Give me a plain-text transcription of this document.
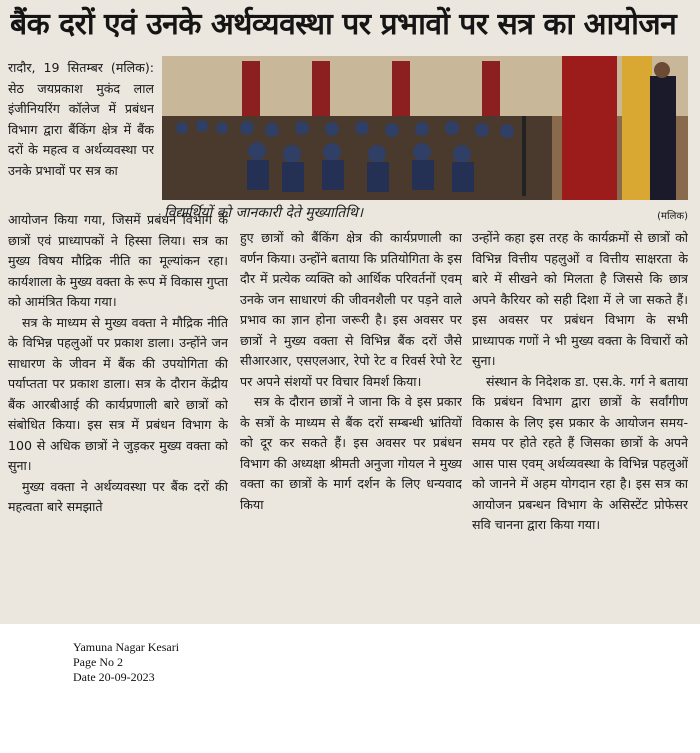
बैंक दरों एवं उनके अर्थव्यवस्था पर प्रभावों पर सत्र का आयोजन

रादौर, 19 सितम्बर (मलिक): सेठ जयप्रकाश मुकंद लाल इंजीनियरिंग कॉलेज में प्रबंधन विभाग द्वारा बैंकिंग क्षेत्र में बैंक दरों के महत्व व अर्थव्यवस्था पर उनके प्रभावों पर सत्र का

विद्यार्थियों को जानकारी देते मुख्यातिथि।	(मलिक)

आयोजन किया गया, जिसमें प्रबंधन विभाग के छात्रों एवं प्राध्यापकों ने हिस्सा लिया। सत्र का मुख्य विषय मौद्रिक नीति का मूल्यांकन रहा। कार्यशाला के मुख्य वक्ता के रूप में विकास गुप्ता को आमंत्रित किया गया।

सत्र के माध्यम से मुख्य वक्ता ने मौद्रिक नीति के विभिन्न पहलुओं पर प्रकाश डाला। उन्होंने जन साधारण के जीवन में बैंक की उपयोगिता की पर्याप्तता पर प्रकाश डाला। सत्र के दौरान केंद्रीय बैंक आरबीआई की कार्यप्रणाली बारे छात्रों को संबोधित किया। इस सत्र में प्रबंधन विभाग के 100 से अधिक छात्रों ने जुड़कर मुख्य वक्ता को सुना।

मुख्य वक्ता ने अर्थव्यवस्था पर बैंक दरों की महत्वता बारे समझाते

हुए छात्रों को बैंकिंग क्षेत्र की कार्यप्रणाली का वर्णन किया। उन्होंने बताया कि प्रतियोगिता के इस दौर में प्रत्येक व्यक्ति को आर्थिक परिवर्तनों एवम् उनके जन साधारणं की जीवनशैली पर पड़ने वाले प्रभाव का ज्ञान होना जरूरी है। इस अवसर पर छात्रों ने मुख्य वक्ता से विभिन्न बैंक दरों जैसे सीआरआर, एसएलआर, रेपो रेट व रिवर्स रेपो रेट पर अपने संशयों पर विचार विमर्श किया।

सत्र के दौरान छात्रों ने जाना कि वे इस प्रकार के सत्रों के माध्यम से बैंक दरों सम्बन्धी भ्रांतियों को दूर कर सकते हैं। इस अवसर पर प्रबंधन विभाग की अध्यक्षा श्रीमती अनुजा गोयल ने मुख्य वक्ता का छात्रों के मार्ग दर्शन के लिए धन्यवाद किया

उन्होंने कहा इस तरह के कार्यक्रमों से छात्रों को विभिन्न वित्तीय पहलुओं व वित्तीय साक्षरता के बारे में सीखने को मिलता है जिससे कि छात्र अपने कैरियर को सही दिशा में ले जा सकते हैं। इस अवसर पर प्रबंधन विभाग के सभी प्राध्यापक गणों ने भी मुख्य वक्ता के विचारों को सुना।

संस्थान के निदेशक डा. एस.के. गर्ग ने बताया कि प्रबंधन विभाग द्वारा छात्रों के सर्वांगीण विकास के लिए इस प्रकार के आयोजन समय-समय पर होते रहते हैं जिसका छात्रों के अपने आस पास एवम् अर्थव्यवस्था के विभिन्न पहलुओं को जानने में अहम योगदान रहा है। इस सत्र का आयोजन प्रबन्धन विभाग के असिस्टेंट प्रोफेसर सवि चानना द्वारा किया गया।

Yamuna Nagar Kesari
Page No 2
Date 20-09-2023
